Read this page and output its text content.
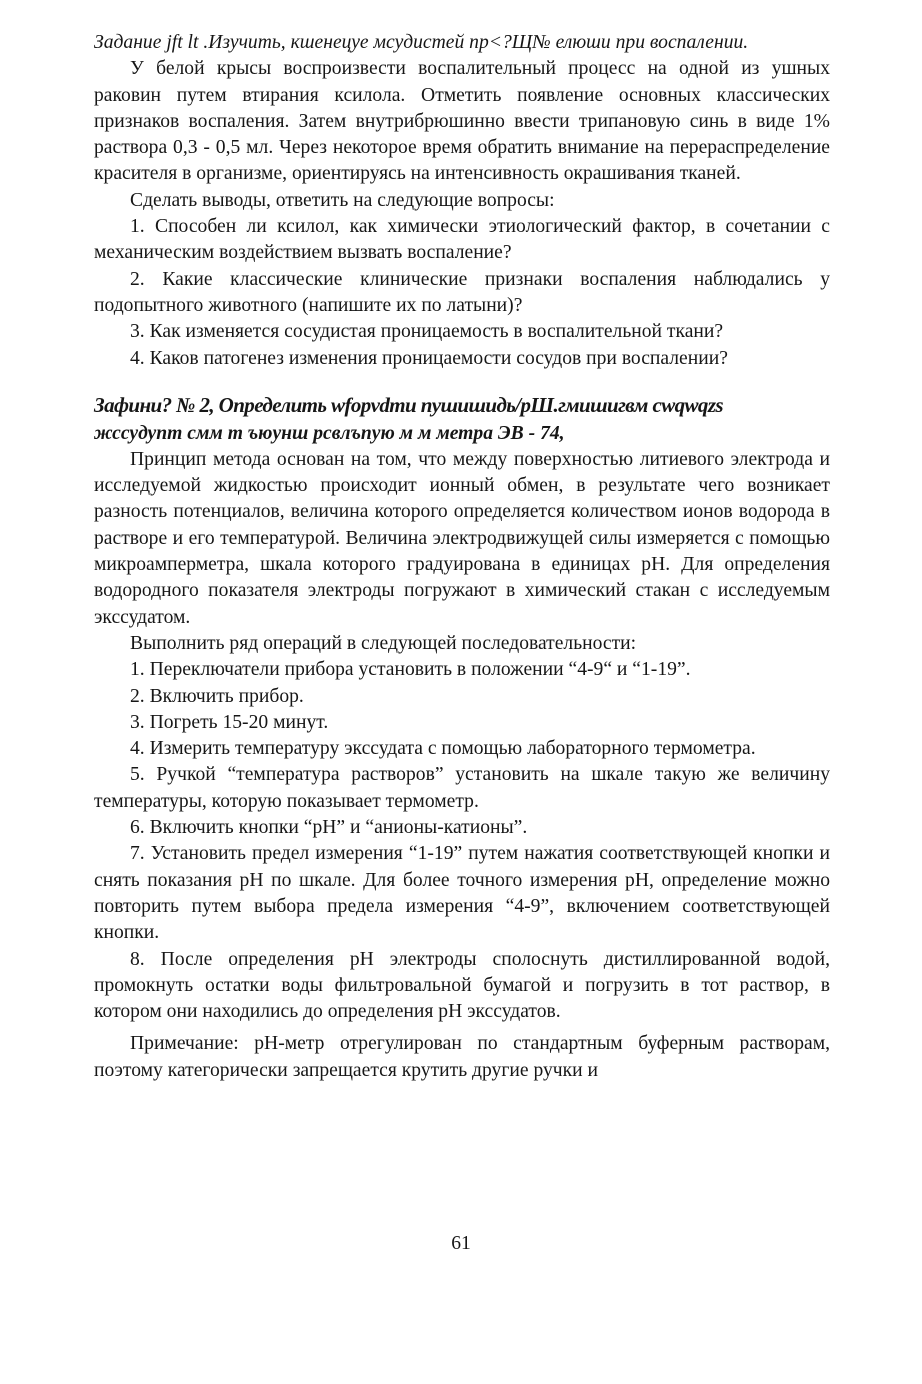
Задание jft lt .Изучить, кшенецуе мсудистей пр<?Щ№ елюши при воспалении.

У белой крысы воспроизвести воспалительный процесс на одной из ушных раковин путем втирания ксилола. Отметить появление основных классических признаков воспаления. Затем внутрибрюшинно ввести трипановую синь в виде 1% раствора 0,3 - 0,5 мл. Через некоторое время обратить внимание на перераспределение красителя в организме, ориентируясь на интенсивность окрашивания тканей.

Сделать выводы, ответить на следующие вопросы:

1. Способен ли ксилол, как химически этиологический фактор, в сочетании с механическим воздействием вызвать воспаление?

2. Какие классические клинические признаки воспаления наблюдались у подопытного животного (напишите их по латыни)?

3. Как изменяется сосудистая проницаемость в воспалительной ткани?

4. Каков патогенез изменения проницаемости сосудов при воспалении?

Зафини? № 2, Определить wfopvdmu пушишидь/рШ.гмишигвм cwqwqzs
жссудупт смм т ъюунш рсвлъпую м м метра ЭВ - 74,

Принцип метода основан на том, что между поверхностью литиевого электрода и исследуемой жидкостью происходит ионный обмен, в результате чего возникает разность потенциалов, величина которого определяется количеством ионов водорода в растворе и его температурой. Величина электродвижущей силы измеряется с помощью микроамперметра, шкала которого градуирована в единицах pH. Для определения водородного показателя электроды погружают в химический стакан с исследуемым экссудатом.

Выполнить ряд операций в следующей последовательности:

1. Переключатели прибора установить в положении “4-9“ и “1-19”.

2. Включить прибор.

3. Погреть 15-20 минут.

4. Измерить температуру экссудата с помощью лабораторного термометра.

5. Ручкой “температура растворов” установить на шкале такую же величину температуры, которую показывает термометр.

6. Включить кнопки “pH” и “анионы-катионы”.

7. Установить предел измерения “1-19” путем нажатия соответствующей кнопки и снять показания pH по шкале. Для более точного измерения pH, определение можно повторить путем выбора предела измерения “4-9”, включением соответствующей кнопки.

8. После определения pH электроды сполоснуть дистиллированной водой, промокнуть остатки воды фильтровальной бумагой и погрузить в тот раствор, в котором они находились до определения pH экссудатов.

Примечание: pH-метр отрегулирован по стандартным буферным растворам, поэтому категорически запрещается крутить другие ручки и

61
